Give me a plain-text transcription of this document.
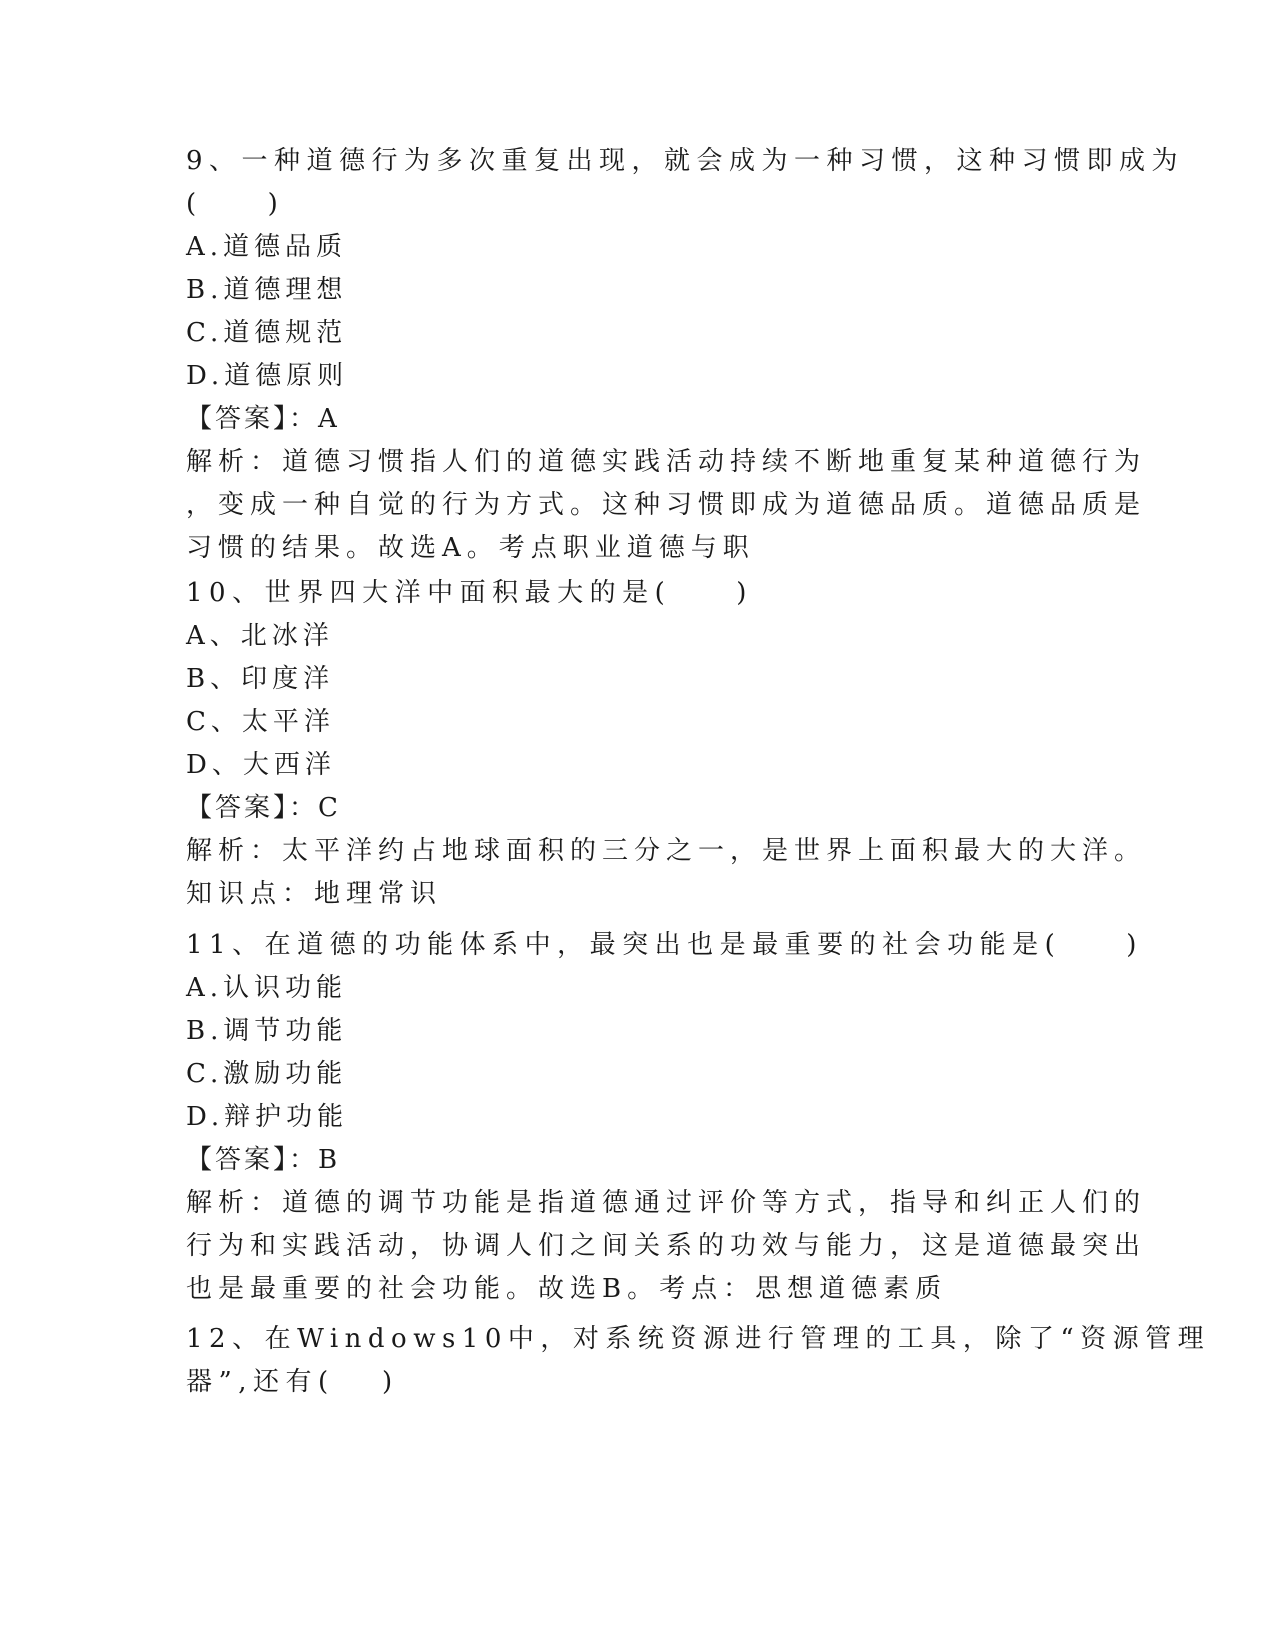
9、一种道德行为多次重复出现，就会成为一种习惯，这种习惯即成为
(　　)
A.道德品质
B.道德理想
C.道德规范
D.道德原则
【答案】：A
解析：道德习惯指人们的道德实践活动持续不断地重复某种道德行为
，变成一种自觉的行为方式。这种习惯即成为道德品质。道德品质是
习惯的结果。故选A。考点职业道德与职
10、世界四大洋中面积最大的是(　　)
A、北冰洋
B、印度洋
C、太平洋
D、大西洋
【答案】：C
解析：太平洋约占地球面积的三分之一，是世界上面积最大的大洋。
知识点：地理常识
11、在道德的功能体系中，最突出也是最重要的社会功能是(　　)
A.认识功能
B.调节功能
C.激励功能
D.辩护功能
【答案】：B
解析：道德的调节功能是指道德通过评价等方式，指导和纠正人们的
行为和实践活动，协调人们之间关系的功效与能力，这是道德最突出
也是最重要的社会功能。故选B。考点：思想道德素质
12、在Windows10中，对系统资源进行管理的工具，除了“资源管理
器”,还有(　 )
